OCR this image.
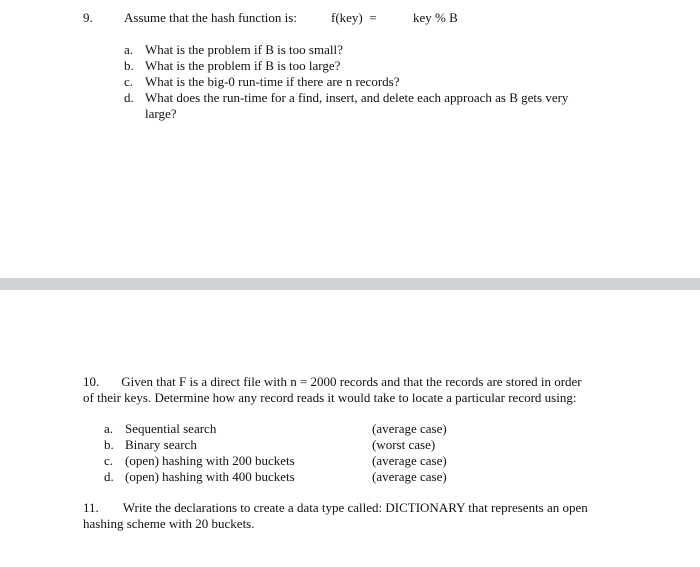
9. Assume that the hash function is:	f(key)  =	key % B
a. What is the problem if B is too small?
b. What is the problem if B is too large?
c. What is the big-0 run-time if there are n records?
d. What does the run-time for a find, insert, and delete each approach as B gets very
large?
10. Given that F is a direct file with n = 2000 records and that the records are stored in order
of their keys. Determine how any record reads it would take to locate a particular record using:
a. Sequential search	(average case)
b. Binary search	(worst case)
c. (open) hashing with 200 buckets	(average case)
d. (open) hashing with 400 buckets	(average case)
11. Write the declarations to create a data type called: DICTIONARY that represents an open
hashing scheme with 20 buckets.
